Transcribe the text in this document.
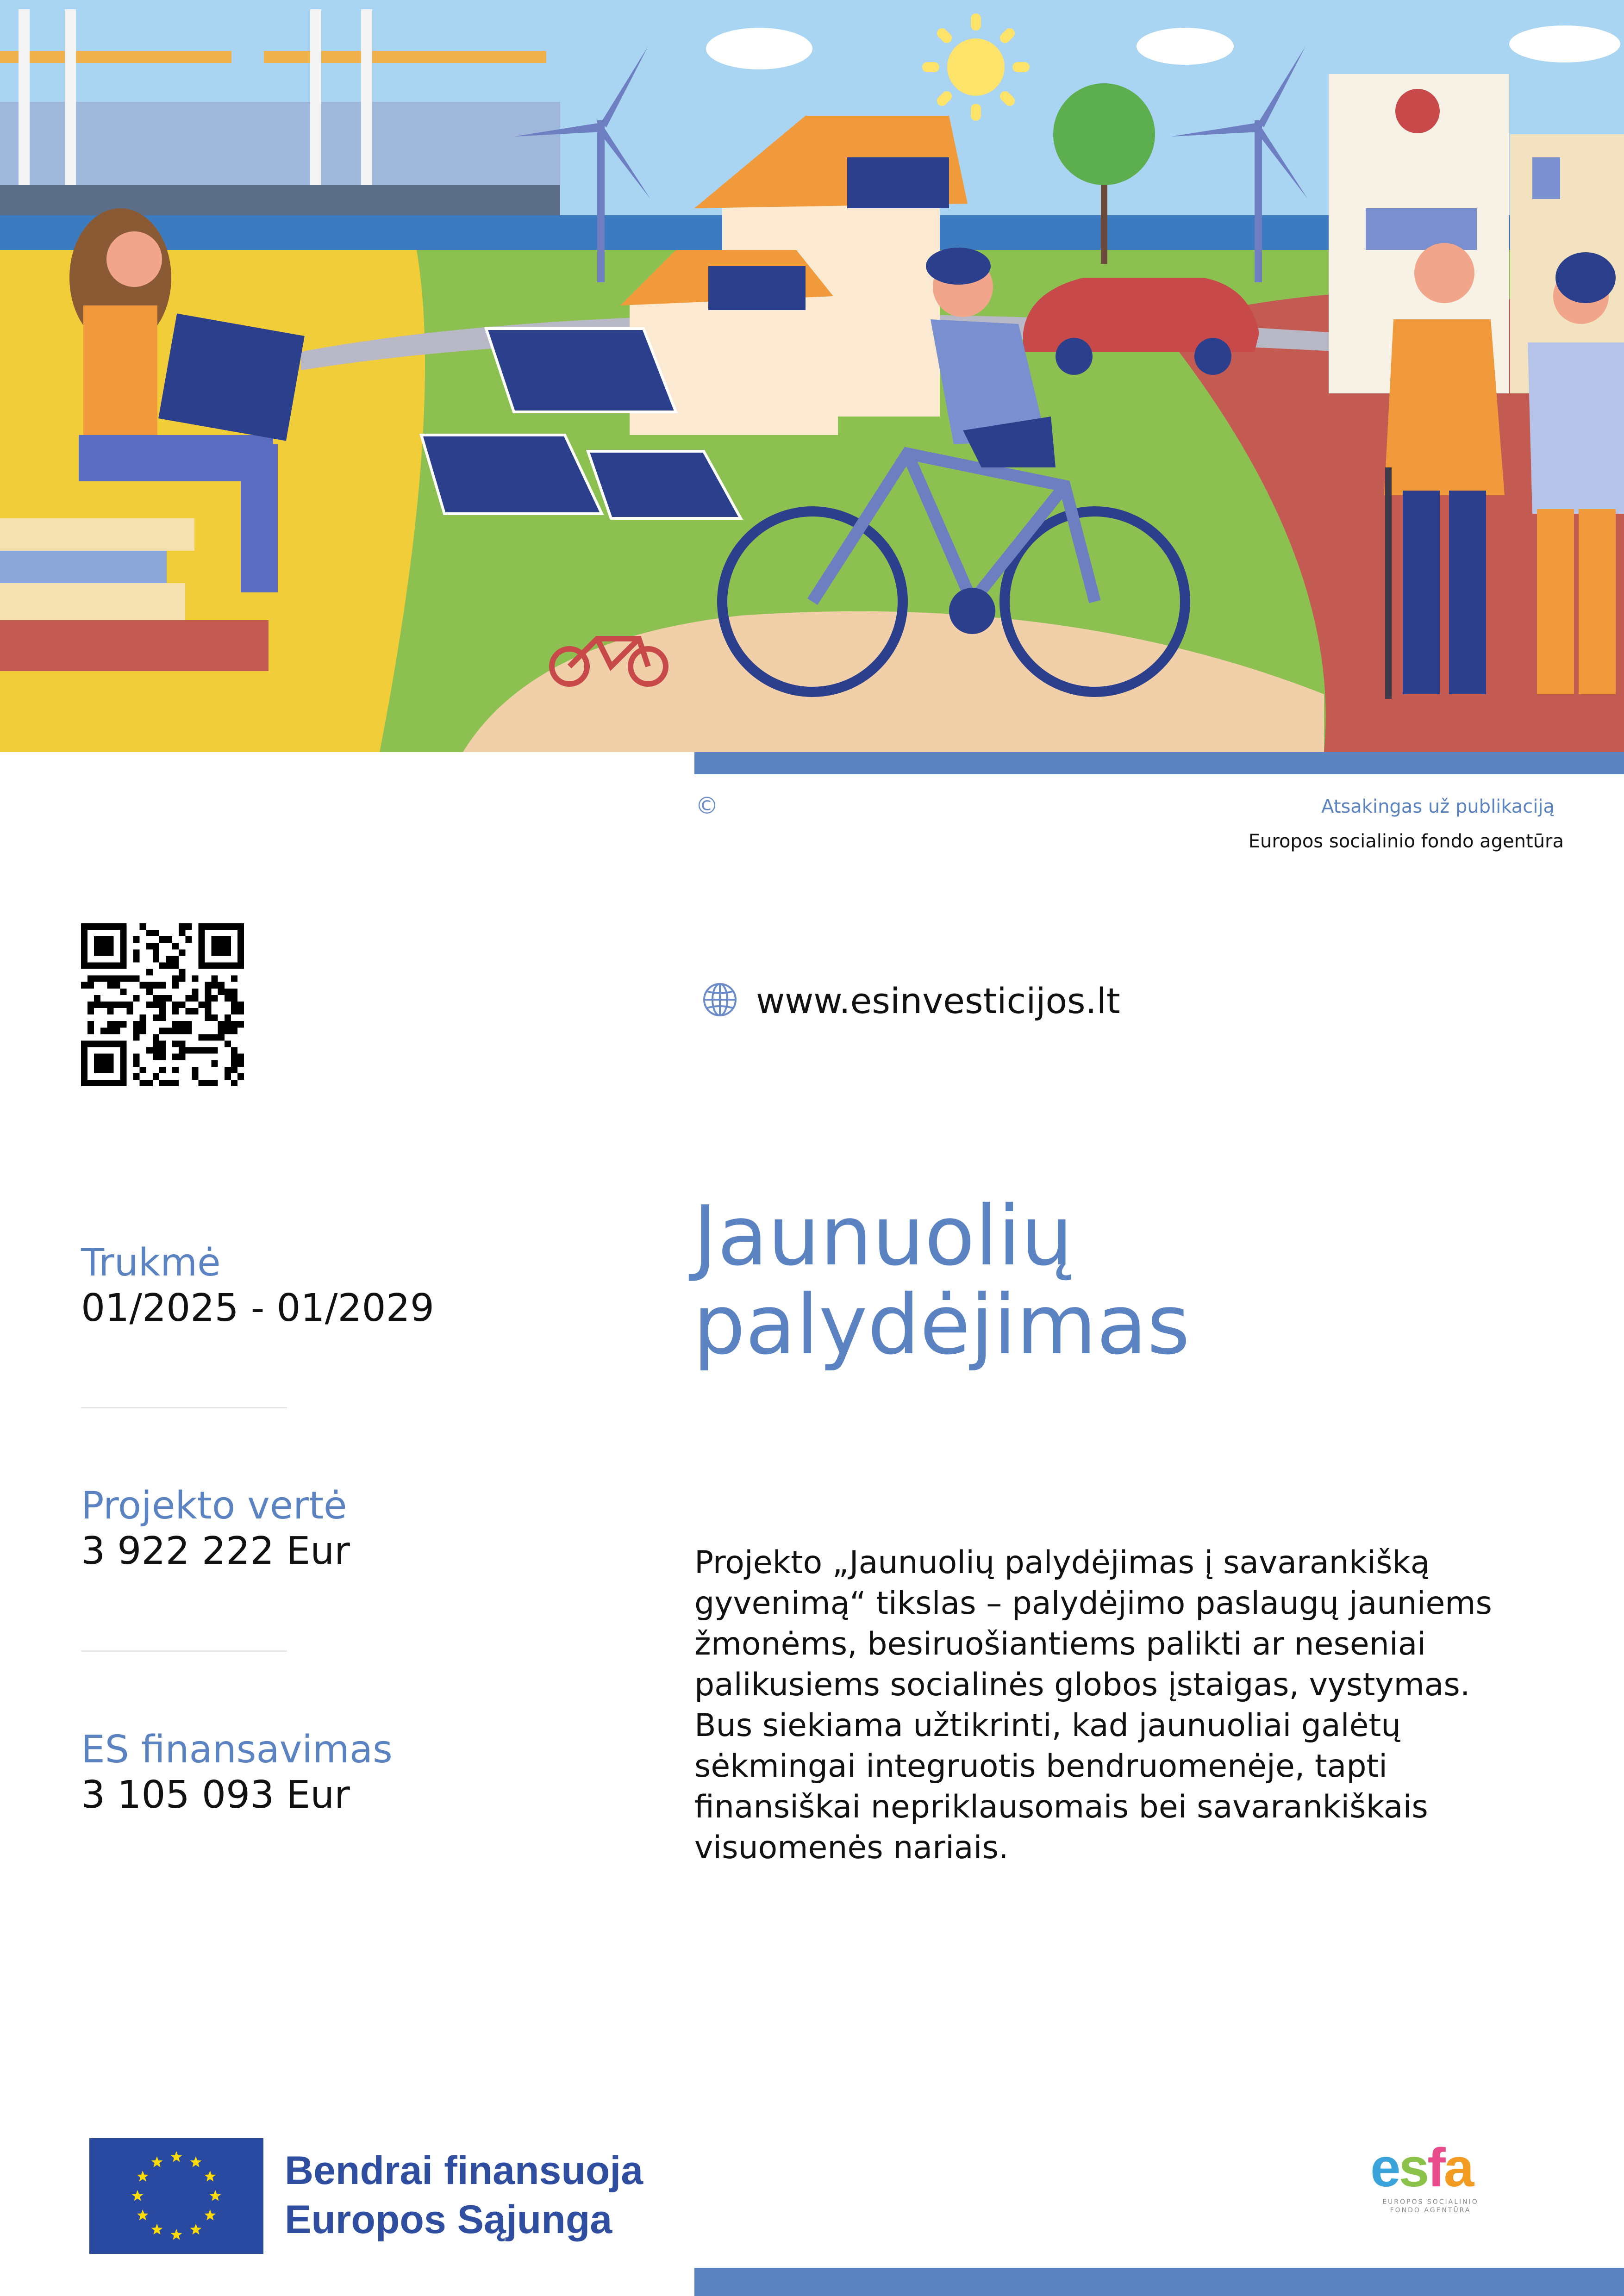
©	Atsakingas už publikaciją
Europos socialinio fondo agentūra
www.esinvesticijos.lt
Trukmė
01/2025 - 01/2029
Projekto vertė
3 922 222 Eur
ES finansavimas
3 105 093 Eur
Jaunuolių
palydėjimas
Projekto „Jaunuolių palydėjimas į savarankišką
gyvenimą“ tikslas – palydėjimo paslaugų jauniems
žmonėms, besiruošiantiems palikti ar neseniai
palikusiems socialinės globos įstaigas, vystymas.
Bus siekiama užtikrinti, kad jaunuoliai galėtų
sėkmingai integruotis bendruomenėje, tapti
finansiškai nepriklausomais bei savarankiškais
visuomenės nariais.
Bendrai finansuoja
Europos Sąjunga
esfa
EUROPOS SOCIALINIO
FONDO AGENTŪRA
